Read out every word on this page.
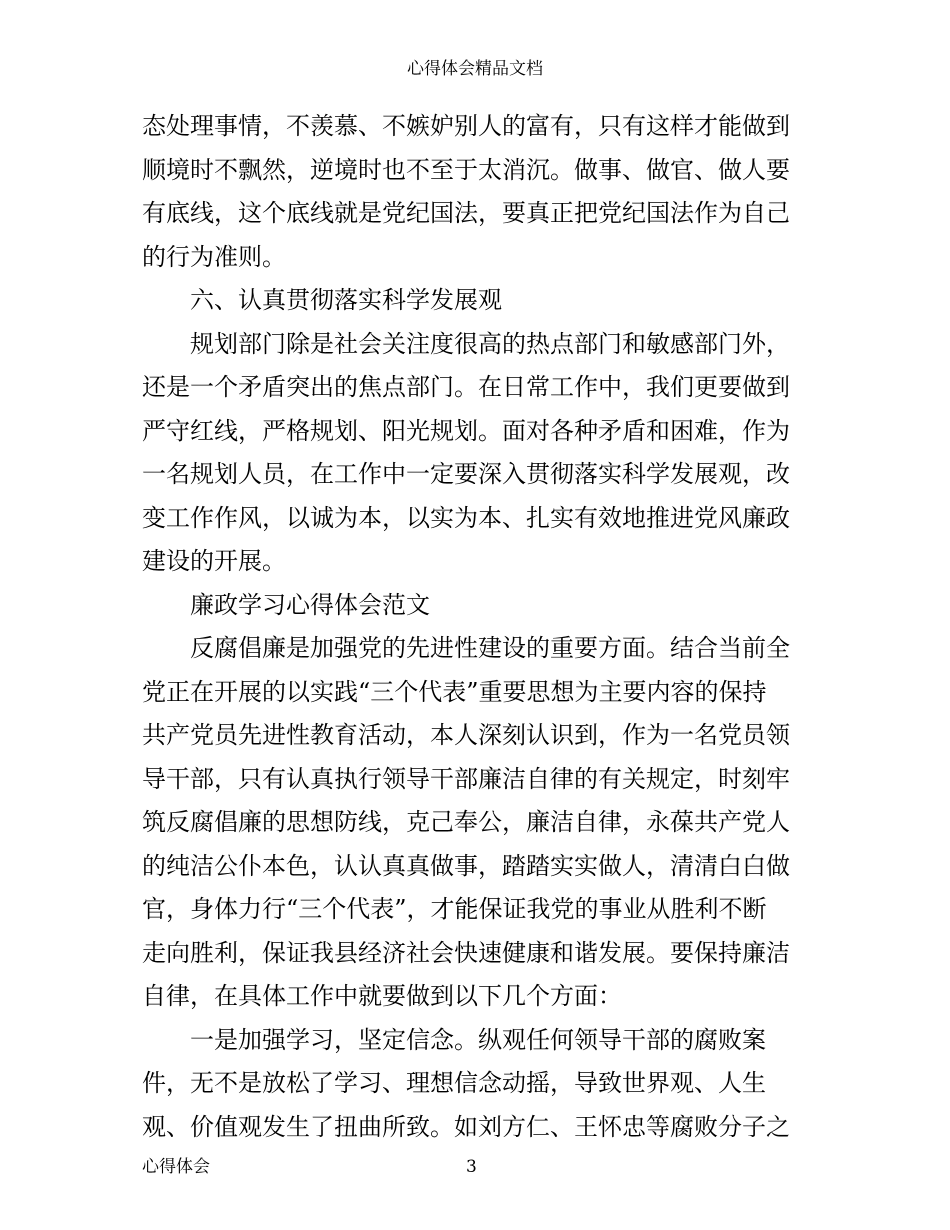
心得体会精品文档
态处理事情，不羡慕、不嫉妒别人的富有，只有这样才能做到
顺境时不飘然，逆境时也不至于太消沉。做事、做官、做人要
有底线，这个底线就是党纪国法，要真正把党纪国法作为自己
的行为准则。
六、认真贯彻落实科学发展观
规划部门除是社会关注度很高的热点部门和敏感部门外，
还是一个矛盾突出的焦点部门。在日常工作中，我们更要做到
严守红线，严格规划、阳光规划。面对各种矛盾和困难，作为
一名规划人员，在工作中一定要深入贯彻落实科学发展观，改
变工作作风，以诚为本，以实为本、扎实有效地推进党风廉政
建设的开展。
廉政学习心得体会范文
反腐倡廉是加强党的先进性建设的重要方面。结合当前全
党正在开展的以实践“三个代表”重要思想为主要内容的保持
共产党员先进性教育活动，本人深刻认识到，作为一名党员领
导干部，只有认真执行领导干部廉洁自律的有关规定，时刻牢
筑反腐倡廉的思想防线，克己奉公，廉洁自律，永葆共产党人
的纯洁公仆本色，认认真真做事，踏踏实实做人，清清白白做
官，身体力行“三个代表”，才能保证我党的事业从胜利不断
走向胜利，保证我县经济社会快速健康和谐发展。要保持廉洁
自律，在具体工作中就要做到以下几个方面：
一是加强学习，坚定信念。纵观任何领导干部的腐败案
件，无不是放松了学习、理想信念动摇，导致世界观、人生
观、价值观发生了扭曲所致。如刘方仁、王怀忠等腐败分子之
心得体会	3
